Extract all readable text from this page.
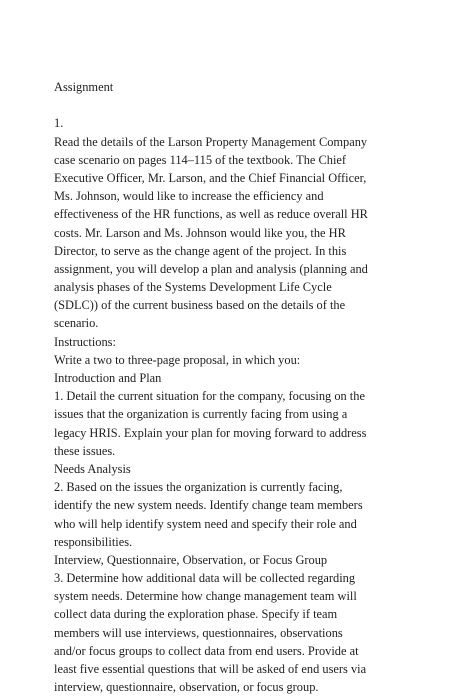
Assignment
1.
Read the details of the Larson Property Management Company
case scenario on pages 114–115 of the textbook. The Chief
Executive Officer, Mr. Larson, and the Chief Financial Officer,
Ms. Johnson, would like to increase the efficiency and
effectiveness of the HR functions, as well as reduce overall HR
costs. Mr. Larson and Ms. Johnson would like you, the HR
Director, to serve as the change agent of the project. In this
assignment, you will develop a plan and analysis (planning and
analysis phases of the Systems Development Life Cycle
(SDLC)) of the current business based on the details of the
scenario.
Instructions:
Write a two to three-page proposal, in which you:
Introduction and Plan
1. Detail the current situation for the company, focusing on the
issues that the organization is currently facing from using a
legacy HRIS. Explain your plan for moving forward to address
these issues.
Needs Analysis
2. Based on the issues the organization is currently facing,
identify the new system needs. Identify change team members
who will help identify system need and specify their role and
responsibilities.
Interview, Questionnaire, Observation, or Focus Group
3. Determine how additional data will be collected regarding
system needs. Determine how change management team will
collect data during the exploration phase. Specify if team
members will use interviews, questionnaires, observations
and/or focus groups to collect data from end users. Provide at
least five essential questions that will be asked of end users via
interview, questionnaire, observation, or focus group.
